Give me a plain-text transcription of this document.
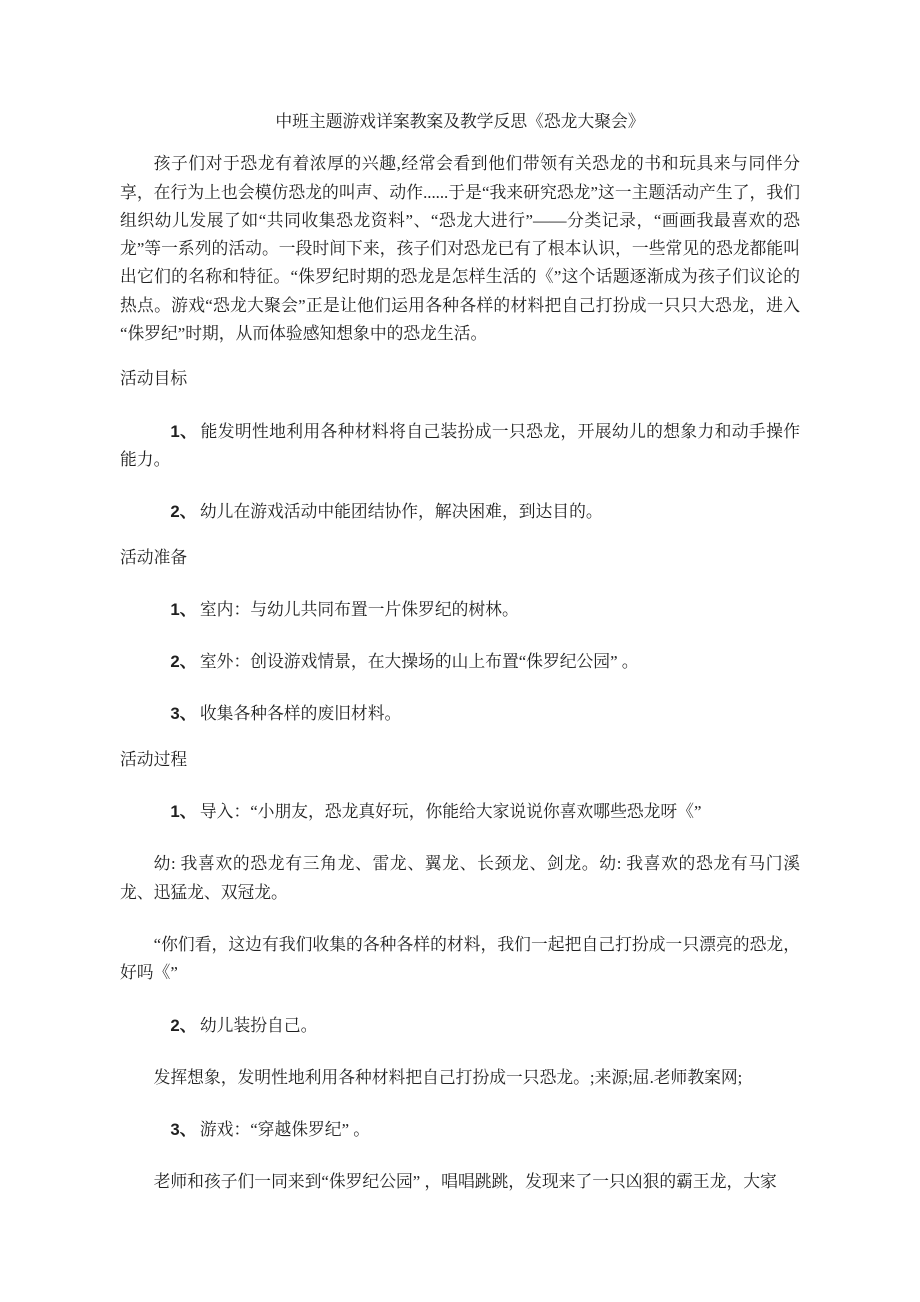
中班主题游戏详案教案及教学反思《恐龙大聚会》

孩子们对于恐龙有着浓厚的兴趣,经常会看到他们带领有关恐龙的书和玩具来与同伴分享，在行为上也会模仿恐龙的叫声、动作......于是“我来研究恐龙”这一主题活动产生了，我们组织幼儿发展了如“共同收集恐龙资料”、“恐龙大进行”——分类记录，“画画我最喜欢的恐龙”等一系列的活动。一段时间下来，孩子们对恐龙已有了根本认识，一些常见的恐龙都能叫出它们的名称和特征。“侏罗纪时期的恐龙是怎样生活的《”这个话题逐渐成为孩子们议论的热点。游戏“恐龙大聚会”正是让他们运用各种各样的材料把自己打扮成一只只大恐龙，进入“侏罗纪”时期，从而体验感知想象中的恐龙生活。

活动目标

1、 能发明性地利用各种材料将自己装扮成一只恐龙，开展幼儿的想象力和动手操作能力。

2、 幼儿在游戏活动中能团结协作，解决困难，到达目的。

活动准备

1、 室内：与幼儿共同布置一片侏罗纪的树林。

2、 室外：创设游戏情景，在大操场的山上布置“侏罗纪公园” 。

3、 收集各种各样的废旧材料。

活动过程

1、 导入：“小朋友，恐龙真好玩，你能给大家说说你喜欢哪些恐龙呀《”

幼: 我喜欢的恐龙有三角龙、雷龙、翼龙、长颈龙、剑龙。幼: 我喜欢的恐龙有马门溪龙、迅猛龙、双冠龙。

“你们看，这边有我们收集的各种各样的材料，我们一起把自己打扮成一只漂亮的恐龙，好吗《”

2、 幼儿装扮自己。

发挥想象，发明性地利用各种材料把自己打扮成一只恐龙。;来源;屈.老师教案网;

3、 游戏：“穿越侏罗纪” 。

老师和孩子们一同来到“侏罗纪公园” ，唱唱跳跳，发现来了一只凶狠的霸王龙，大家
